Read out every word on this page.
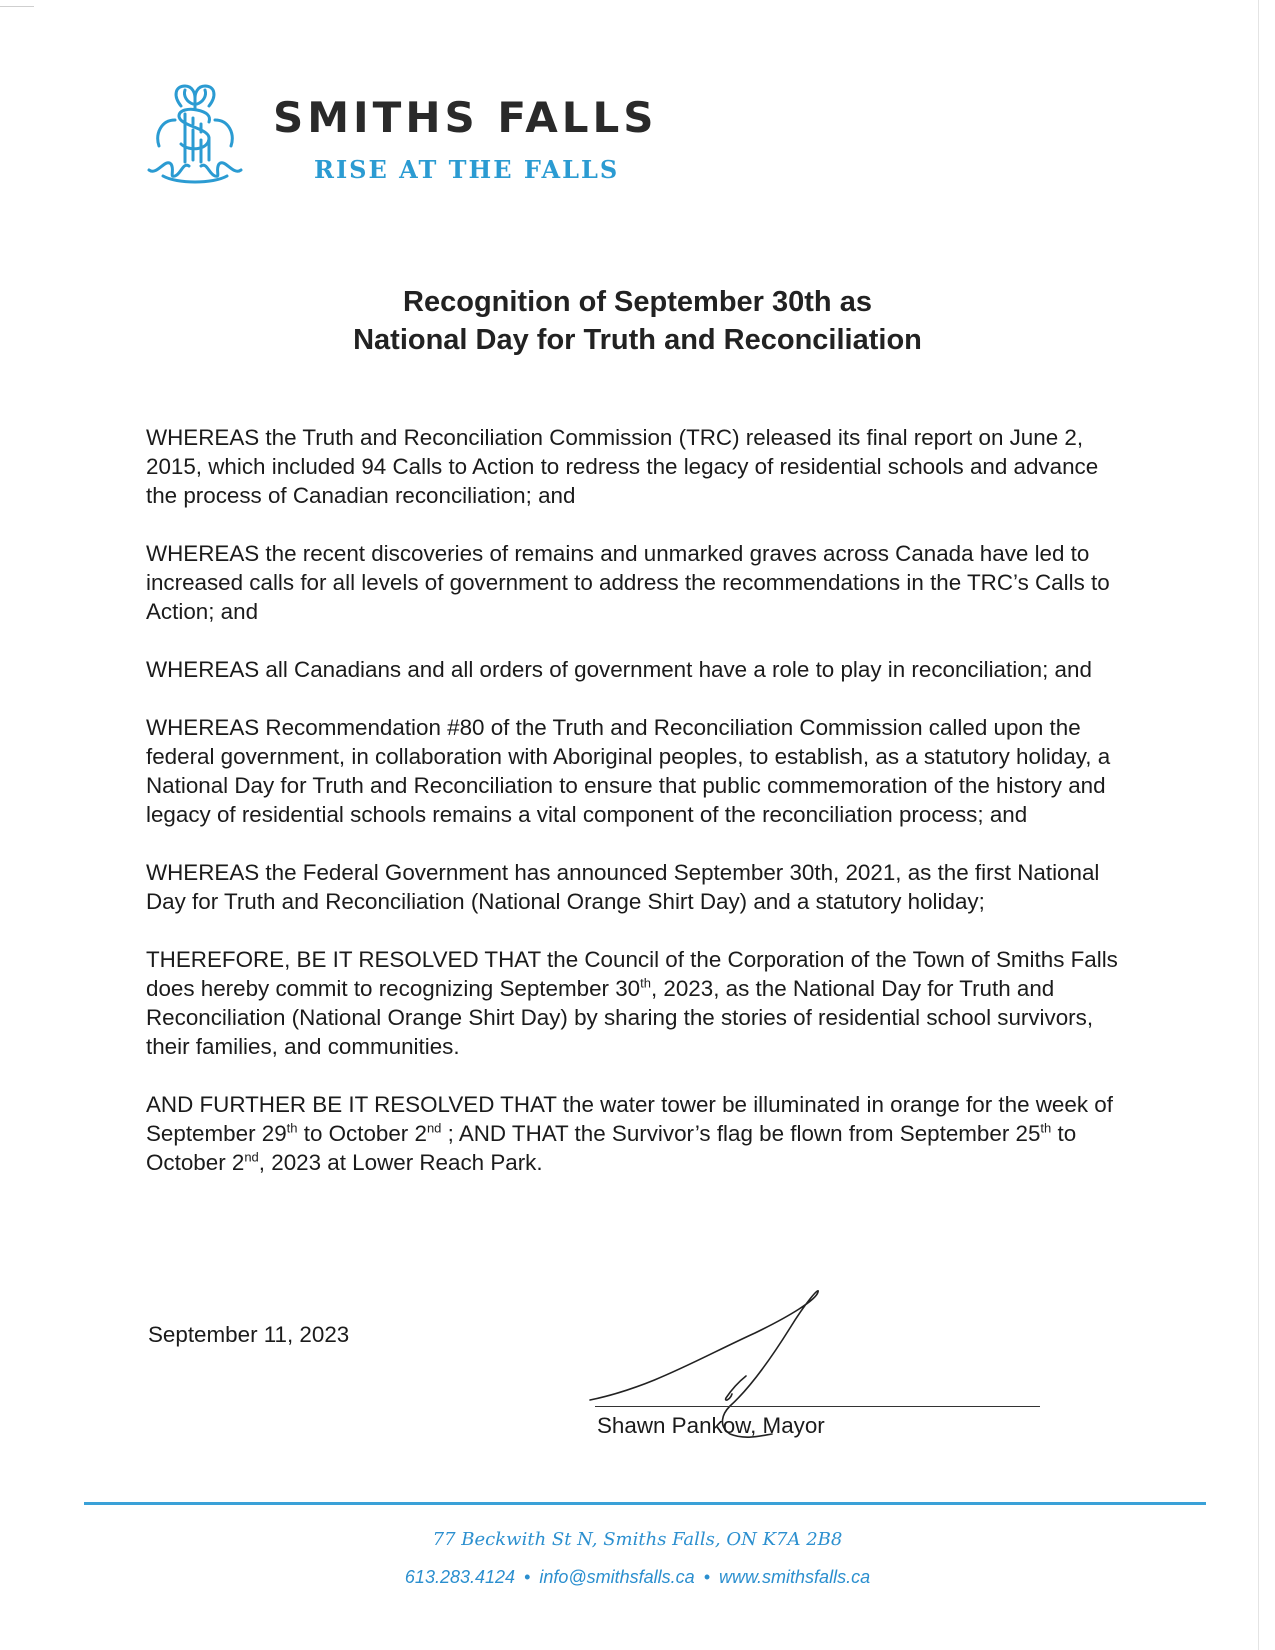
SMITHS FALLS

RISE AT THE FALLS

Recognition of September 30th as
National Day for Truth and Reconciliation

WHEREAS the Truth and Reconciliation Commission (TRC) released its final report on June 2, 2015, which included 94 Calls to Action to redress the legacy of residential schools and advance the process of Canadian reconciliation; and

WHEREAS the recent discoveries of remains and unmarked graves across Canada have led to increased calls for all levels of government to address the recommendations in the TRC’s Calls to Action; and

WHEREAS all Canadians and all orders of government have a role to play in reconciliation; and

WHEREAS Recommendation #80 of the Truth and Reconciliation Commission called upon the federal government, in collaboration with Aboriginal peoples, to establish, as a statutory holiday, a National Day for Truth and Reconciliation to ensure that public commemoration of the history and legacy of residential schools remains a vital component of the reconciliation process; and

WHEREAS the Federal Government has announced September 30th, 2021, as the first National Day for Truth and Reconciliation (National Orange Shirt Day) and a statutory holiday;

THEREFORE, BE IT RESOLVED THAT the Council of the Corporation of the Town of Smiths Falls does hereby commit to recognizing September 30th, 2023, as the National Day for Truth and Reconciliation (National Orange Shirt Day) by sharing the stories of residential school survivors, their families, and communities.

AND FURTHER BE IT RESOLVED THAT the water tower be illuminated in orange for the week of September 29th to October 2nd ; AND THAT the Survivor’s flag be flown from September 25th to October 2nd, 2023 at Lower Reach Park.

September 11, 2023

Shawn Pankow, Mayor

77 Beckwith St N, Smiths Falls, ON K7A 2B8

613.283.4124 • info@smithsfalls.ca • www.smithsfalls.ca
